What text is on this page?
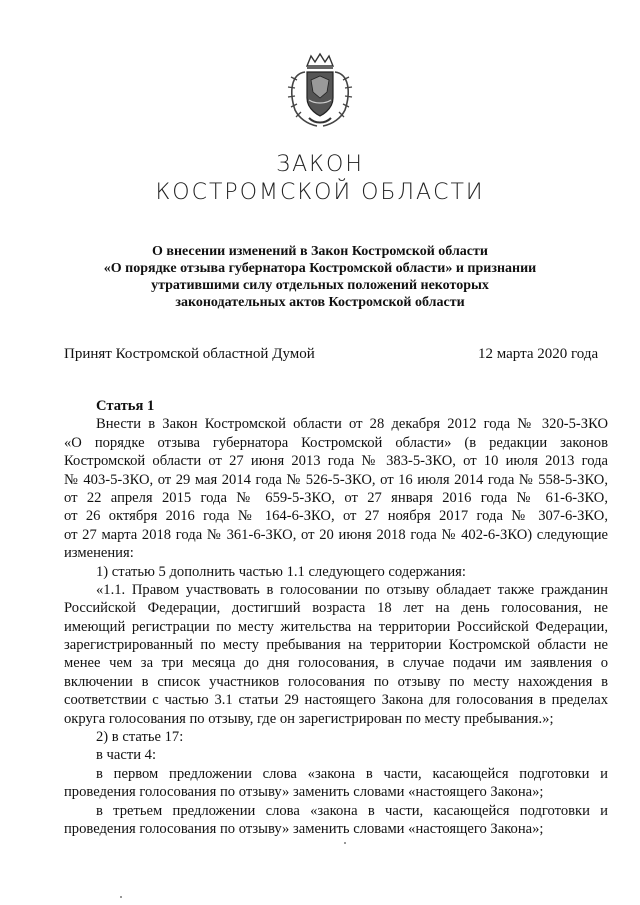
ЗАКОН
КОСТРОМСКОЙ ОБЛАСТИ
О внесении изменений в Закон Костромской области
«О порядке отзыва губернатора Костромской области» и признании
утратившими силу отдельных положений некоторых
законодательных актов Костромской области
Принят Костромской областной Думой	12 марта 2020 года
Статья 1
Внести в Закон Костромской области от 28 декабря 2012 года № 320-5-ЗКО
«О порядке отзыва губернатора Костромской области» (в редакции законов
Костромской области от 27 июня 2013 года № 383-5-ЗКО, от 10 июля 2013 года
№ 403-5-ЗКО, от 29 мая 2014 года № 526-5-ЗКО, от 16 июля 2014 года № 558-5-ЗКО,
от 22 апреля 2015 года № 659-5-ЗКО, от 27 января 2016 года № 61-6-ЗКО,
от 26 октября 2016 года № 164-6-ЗКО, от 27 ноября 2017 года № 307-6-ЗКО,
от 27 марта 2018 года № 361-6-ЗКО, от 20 июня 2018 года № 402-6-ЗКО) следующие
изменения:
1) статью 5 дополнить частью 1.1 следующего содержания:
«1.1. Правом участвовать в голосовании по отзыву обладает также гражданин
Российской Федерации, достигший возраста 18 лет на день голосования, не
имеющий регистрации по месту жительства на территории Российской Федерации,
зарегистрированный по месту пребывания на территории Костромской области не
менее чем за три месяца до дня голосования, в случае подачи им заявления о
включении в список участников голосования по отзыву по месту нахождения в
соответствии с частью 3.1 статьи 29 настоящего Закона для голосования в пределах
округа голосования по отзыву, где он зарегистрирован по месту пребывания.»;
2) в статье 17:
в части 4:
в первом предложении слова «закона в части, касающейся подготовки и
проведения голосования по отзыву» заменить словами «настоящего Закона»;
в третьем предложении слова «закона в части, касающейся подготовки и
проведения голосования по отзыву» заменить словами «настоящего Закона»;
